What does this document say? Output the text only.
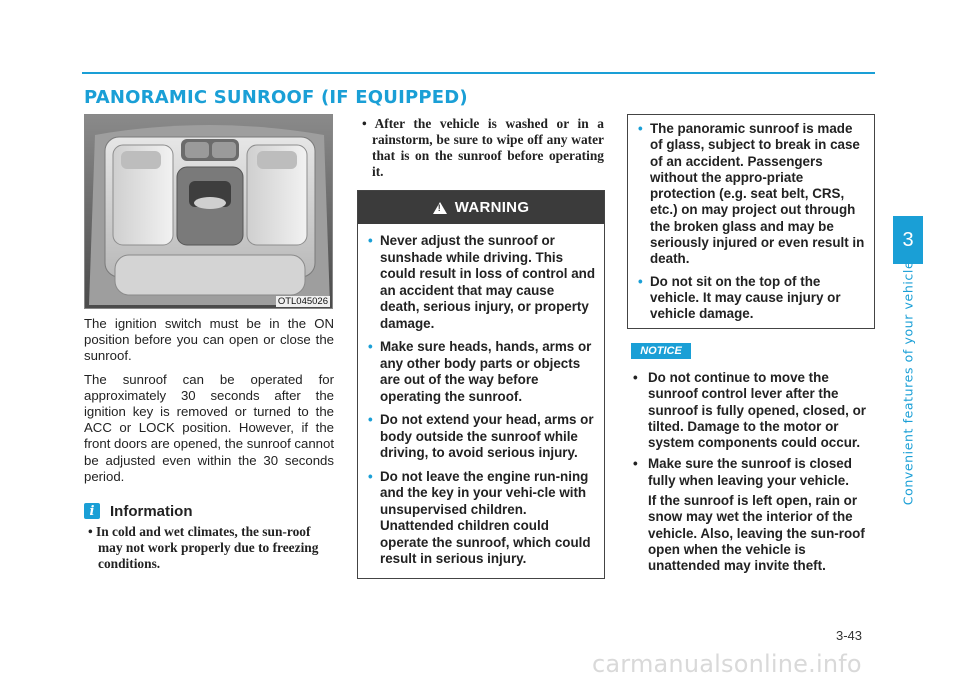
PANORAMIC SUNROOF (IF EQUIPPED)
OTL045026

The ignition switch must be in the ON position before you can open or close the sunroof.

The sunroof can be operated for approximately 30 seconds after the ignition key is removed or turned to the ACC or LOCK position. However, if the front doors are opened, the sunroof cannot be adjusted even within the 30 seconds period.

i	Information
• In cold and wet climates, the sun-roof may not work properly due to freezing conditions.
• After the vehicle is washed or in a rainstorm, be sure to wipe off any water that is on the sunroof before operating it.
! WARNING
• Never adjust the sunroof or sunshade while driving. This could result in loss of control and an accident that may cause death, serious injury, or property damage.
• Make sure heads, hands, arms or any other body parts or objects are out of the way before operating the sunroof.
• Do not extend your head, arms or body outside the sunroof while driving, to avoid serious injury.
• Do not leave the engine run-ning and the key in your vehi-cle with unsupervised children. Unattended children could operate the sunroof, which could result in serious injury.
• The panoramic sunroof is made of glass, subject to break in case of an accident. Passengers without the appro-priate protection (e.g. seat belt, CRS, etc.) on may project out through the broken glass and may be seriously injured or even result in death.
• Do not sit on the top of the vehicle. It may cause injury or vehicle damage.
NOTICE
• Do not continue to move the sunroof control lever after the sunroof is fully opened, closed, or tilted. Damage to the motor or system components could occur.
• Make sure the sunroof is closed fully when leaving your vehicle.

If the sunroof is left open, rain or snow may wet the interior of the vehicle. Also, leaving the sun-roof open when the vehicle is unattended may invite theft.

3
Convenient features of your vehicle
3-43
carmanualsonline.info
